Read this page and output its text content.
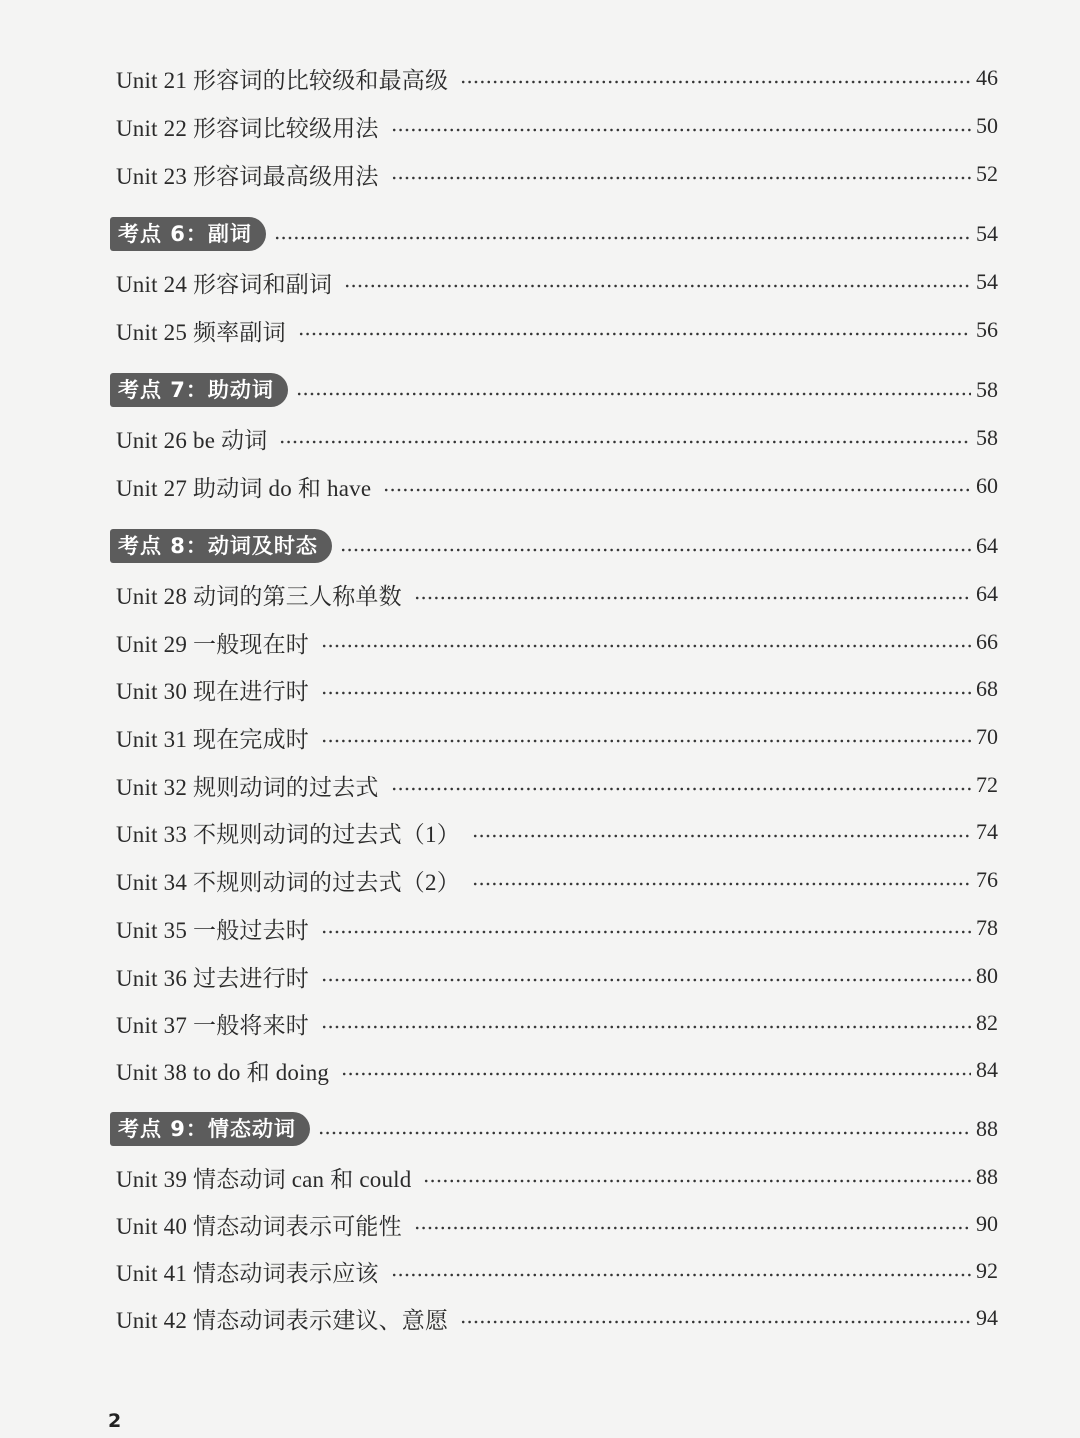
Unit 21 形容词的比较级和最高级	46
Unit 22 形容词比较级用法	50
Unit 23 形容词最高级用法	52
考点 6：副词	54
Unit 24 形容词和副词	54
Unit 25 频率副词	56
考点 7：助动词	58
Unit 26 be 动词	58
Unit 27 助动词 do 和 have	60
考点 8：动词及时态	64
Unit 28 动词的第三人称单数	64
Unit 29 一般现在时	66
Unit 30 现在进行时	68
Unit 31 现在完成时	70
Unit 32 规则动词的过去式	72
Unit 33 不规则动词的过去式（1）	74
Unit 34 不规则动词的过去式（2）	76
Unit 35 一般过去时	78
Unit 36 过去进行时	80
Unit 37 一般将来时	82
Unit 38 to do 和 doing	84
考点 9：情态动词	88
Unit 39 情态动词 can 和 could	88
Unit 40 情态动词表示可能性	90
Unit 41 情态动词表示应该	92
Unit 42 情态动词表示建议、意愿	94
2
